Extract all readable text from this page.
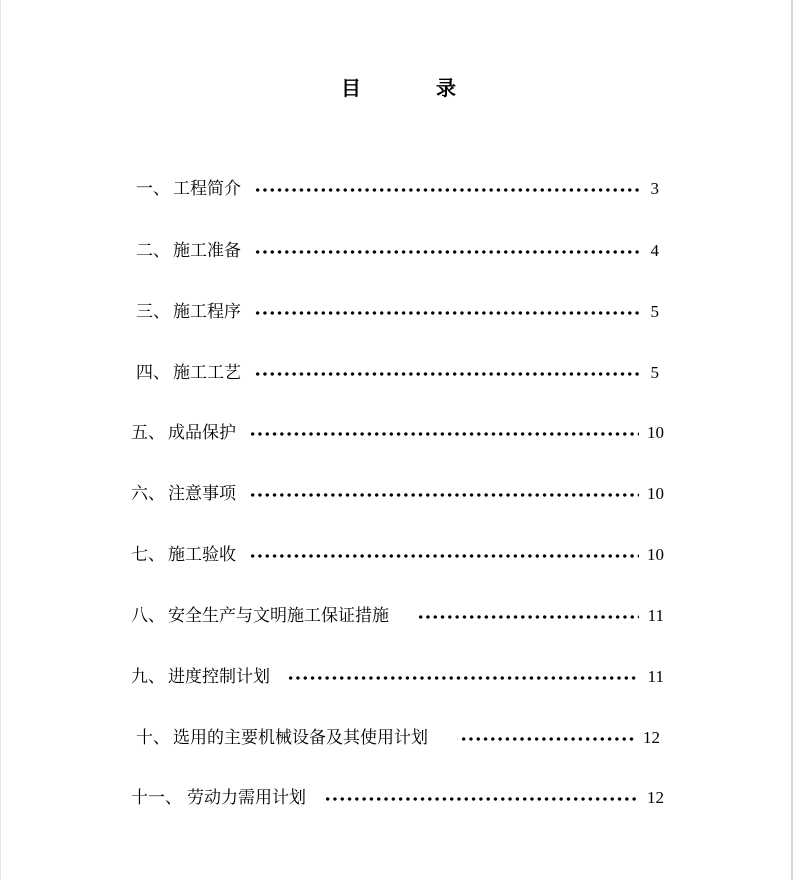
目	录
一、 工程简介	3
二、 施工准备	4
三、 施工程序	5
四、 施工工艺	5
五、 成品保护	10
六、 注意事项	10
七、 施工验收	10
八、 安全生产与文明施工保证措施	11
九、 进度控制计划	11
十、 选用的主要机械设备及其使用计划	12
十一、 劳动力需用计划	12
